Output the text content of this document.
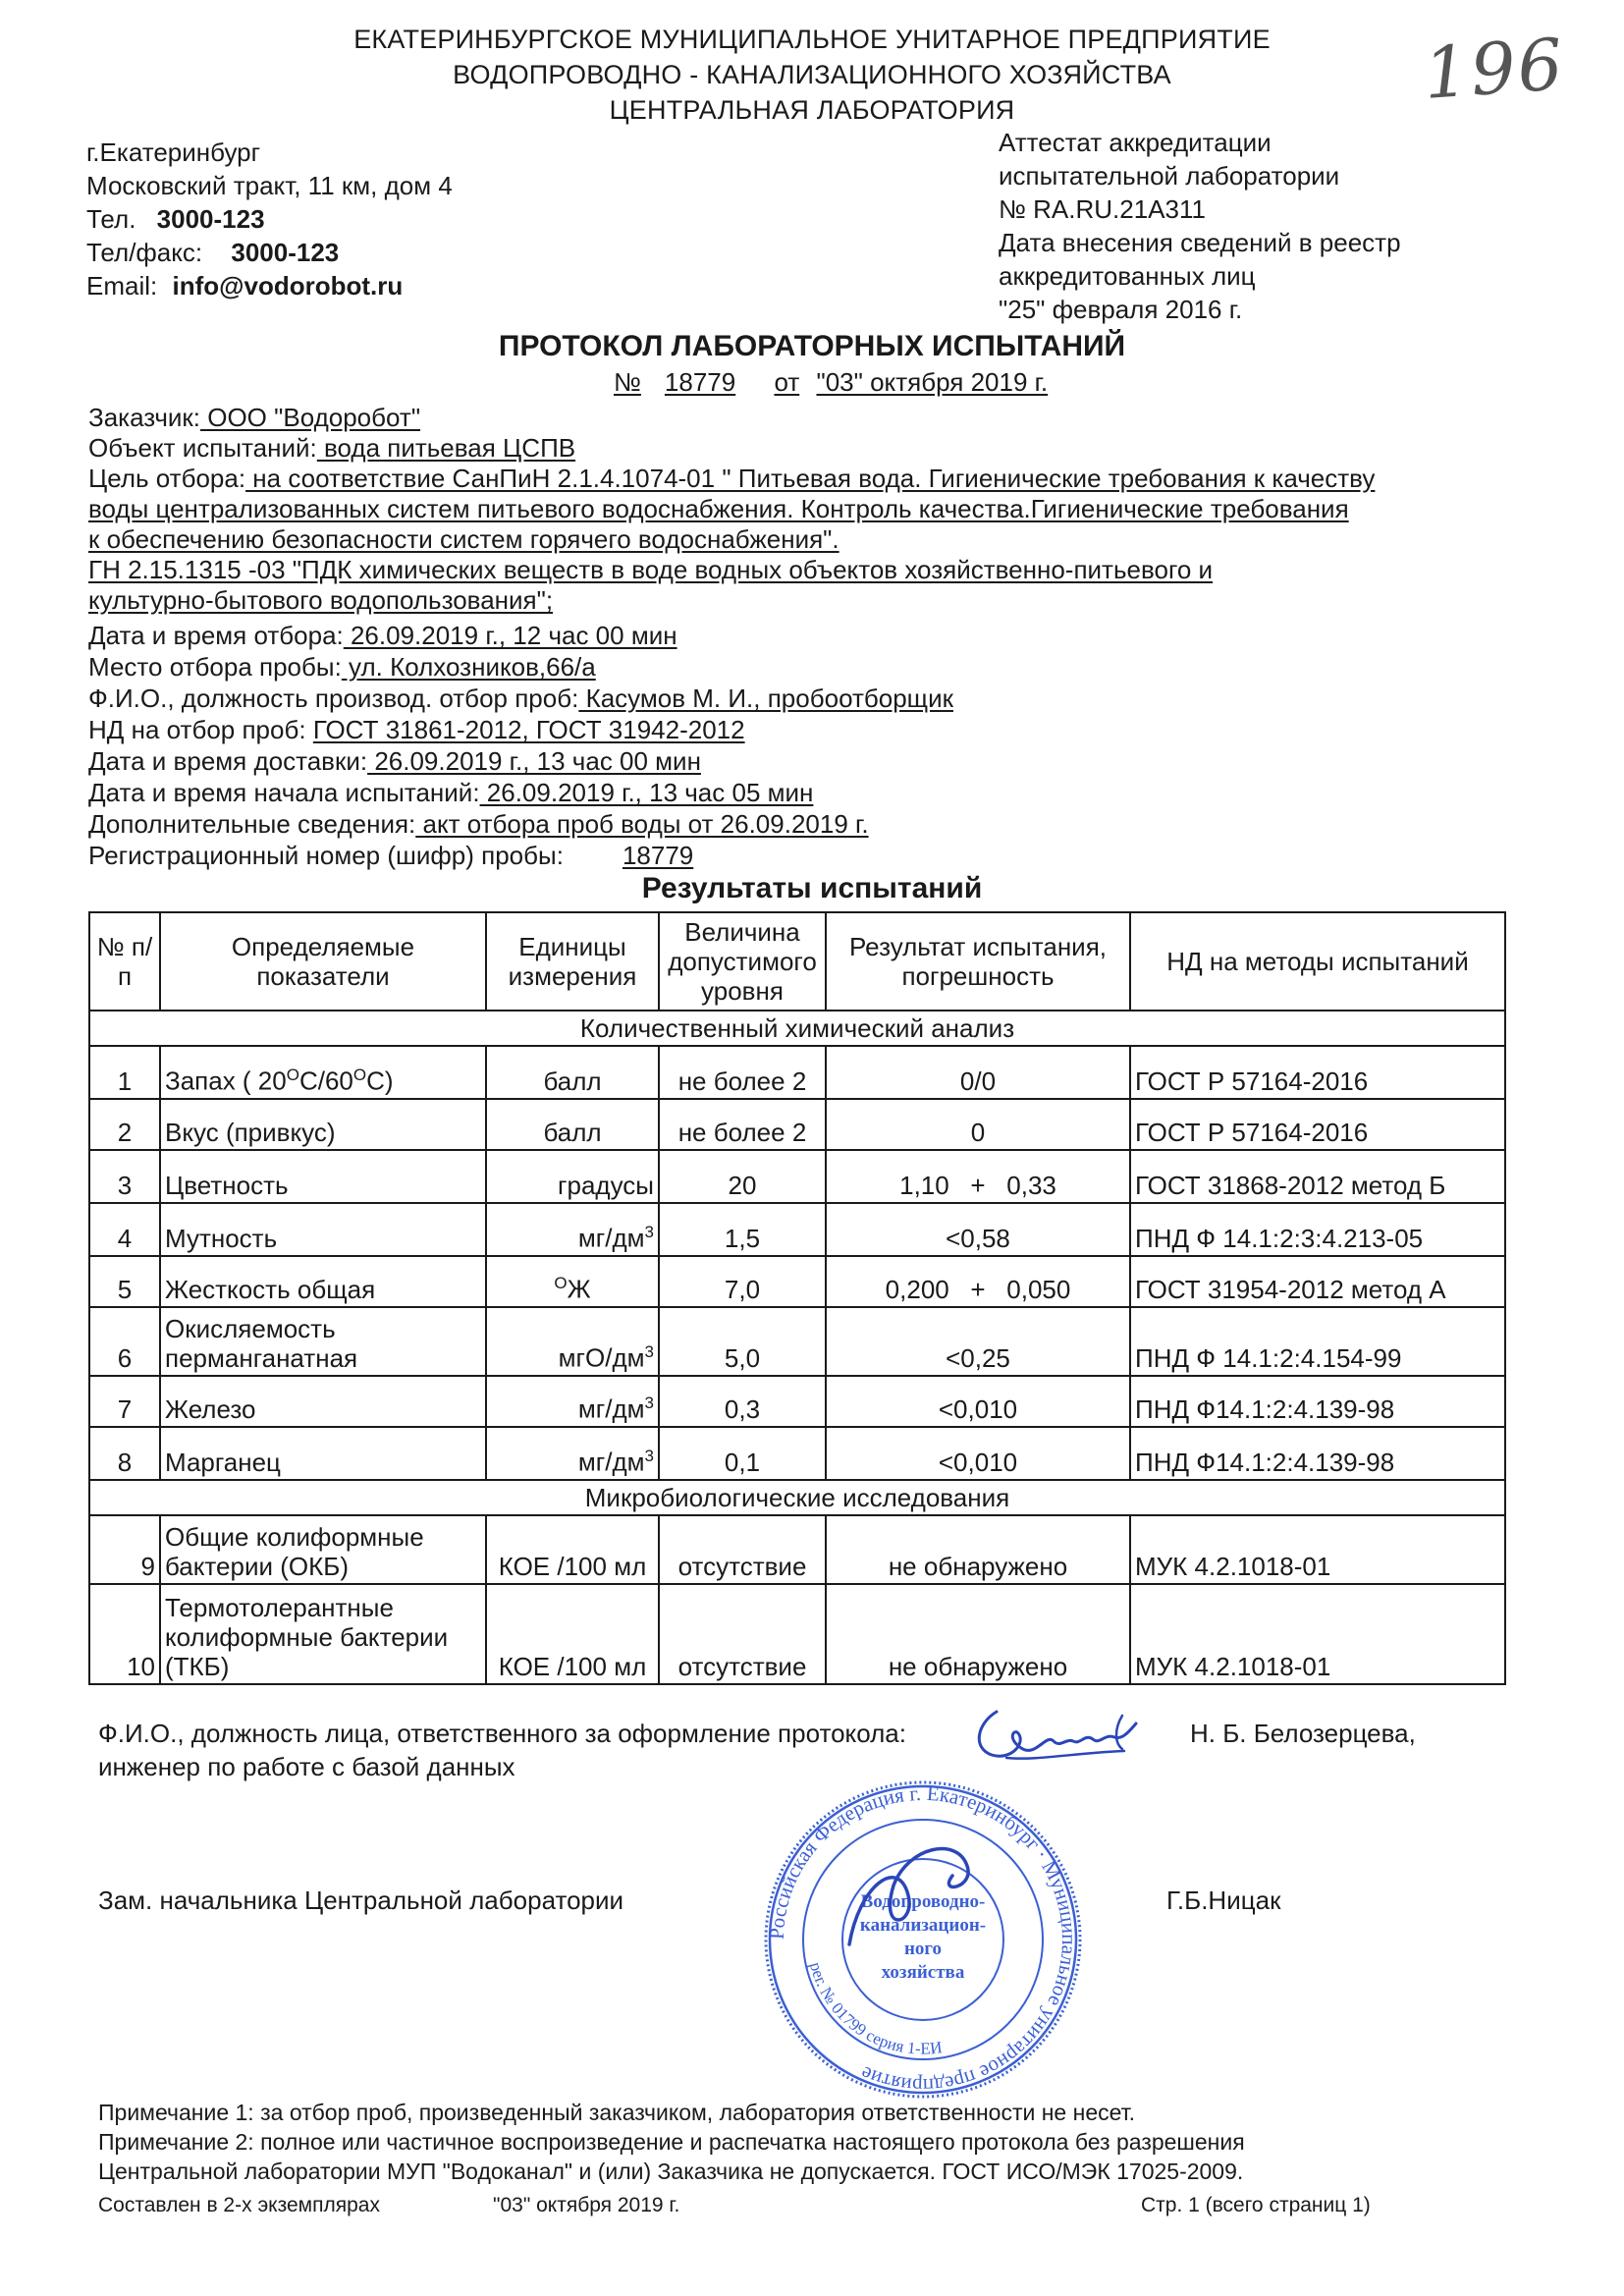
ЕКАТЕРИНБУРГСКОЕ МУНИЦИПАЛЬНОЕ УНИТАРНОЕ ПРЕДПРИЯТИЕ
ВОДОПРОВОДНО - КАНАЛИЗАЦИОННОГО ХОЗЯЙСТВА
ЦЕНТРАЛЬНАЯ ЛАБОРАТОРИЯ	196
г.Екатеринбург
Московский тракт, 11 км, дом 4
Тел. 3000-123
Тел/факс: 3000-123
Email: info@vodorobot.ru
Аттестат аккредитации
испытательной лаборатории
№ RA.RU.21A311
Дата внесения сведений в реестр
аккредитованных лиц
"25" февраля 2016 г.
ПРОТОКОЛ ЛАБОРАТОРНЫХ ИСПЫТАНИЙ
№ 18779 от "03" октября 2019 г.
Заказчик: ООО "Водоробот"
Объект испытаний: вода питьевая ЦСПВ
Цель отбора: на соответствие СанПиН 2.1.4.1074-01 " Питьевая вода. Гигиенические требования к качеству
воды централизованных систем питьевого водоснабжения. Контроль качества.Гигиенические требования
к обеспечению безопасности систем горячего водоснабжения".
ГН 2.15.1315 -03 "ПДК химических веществ в воде водных объектов хозяйственно-питьевого и
культурно-бытового водопользования";
Дата и время отбора: 26.09.2019 г., 12 час 00 мин
Место отбора пробы: ул. Колхозников,66/а
Ф.И.О., должность производ. отбор проб: Касумов М. И., пробоотборщик
НД на отбор проб: ГОСТ 31861-2012, ГОСТ 31942-2012
Дата и время доставки: 26.09.2019 г., 13 час 00 мин
Дата и время начала испытаний: 26.09.2019 г., 13 час 05 мин
Дополнительные сведения: акт отбора проб воды от 26.09.2019 г.
Регистрационный номер (шифр) пробы: 18779
Результаты испытаний
№ п/п	Определяемые показатели	Единицы измерения	Величина допустимого уровня	Результат испытания, погрешность	НД на методы испытаний
Количественный химический анализ					
1	Запах ( $20^ОС/60^ОС$)	балл	не более 2	0/0	ГОСТ Р 57164-2016
2	Вкус (привкус)	балл	не более 2	0	ГОСТ Р 57164-2016
3	Цветность	градусы	20	1,10   +   0,33	ГОСТ 31868-2012 метод Б
4	Мутность	$мг/дм^3$	1,5	<0,58	ПНД Ф 14.1:2:3:4.213-05
5	Жесткость общая	$^О$Ж	7,0	0,200   +   0,050	ГОСТ 31954-2012 метод А
6	Окисляемость
перманганатная	мгО/$дм^3$	5,0	<0,25	ПНД Ф 14.1:2:4.154-99
7	Железо	$мг/дм^3$	0,3	<0,010	ПНД Ф14.1:2:4.139-98
8	Марганец	$мг/дм^3$	0,1	<0,010	ПНД Ф14.1:2:4.139-98
Микробиологические исследования					
9	Общие колиформные
бактерии (ОКБ)	КОЕ /100 мл	отсутствие	не обнаружено	МУК 4.2.1018-01
10	Термотолерантные
колиформные бактерии
(ТКБ)	КОЕ /100 мл	отсутствие	не обнаружено	МУК 4.2.1018-01
Ф.И.О., должность лица, ответственного за оформление протокола:
инженер по работе с базой данных
Н. Б. Белозерцева,
Зам. начальника Центральной лаборатории	Г.Б.Ницак
Российская Федерация г. Екатеринбург · Муниципальное унитарное предприятие
рег. № 01799 серия 1-ЕИ
Водопроводно-
канализацион-
ного
хозяйства
Примечание 1: за отбор проб, произведенный заказчиком, лаборатория ответственности не несет.
Примечание 2: полное или частичное воспроизведение и распечатка настоящего протокола без разрешения
Центральной лаборатории МУП "Водоканал" и (или) Заказчика не допускается. ГОСТ ИСО/МЭК 17025-2009.
Составлен в 2-х экземплярах	"03" октября 2019 г.	Стр. 1 (всего страниц 1)
